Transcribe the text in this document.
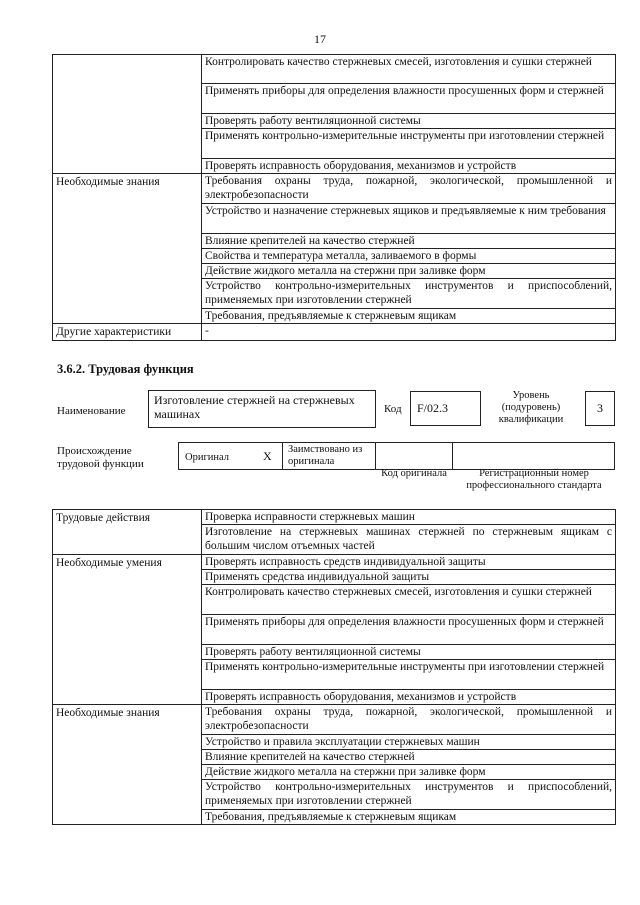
17
	Контролировать качество стержневых смесей, изготовления и сушки стержней
	Применять приборы для определения влажности просушенных форм и стержней
	Проверять работу вентиляционной системы
	Применять контрольно-измерительные инструменты при изготовлении стержней
	Проверять исправность оборудования, механизмов и устройств
Необходимые знания	Требования охраны труда, пожарной, экологической, промышленной и электробезопасности
	Устройство и назначение стержневых ящиков и предъявляемые к ним требования
	Влияние крепителей на качество стержней
	Свойства и температура металла, заливаемого в формы
	Действие жидкого металла на стержни при заливке форм
	Устройство контрольно-измерительных инструментов и приспособлений, применяемых при изготовлении стержней
	Требования, предъявляемые к стержневым ящикам
Другие характеристики	-
3.6.2. Трудовая функция
Наименование
Изготовление стержней на стержневых машинах	Код	F/02.3
Уровень (подуровень) квалификации
3
Происхождение трудовой функции
Оригинал	X	Заимствовано из оригинала
Код оригинала	Регистрационный номер профессионального стандарта
Трудовые действия	Проверка исправности стержневых машин
	Изготовление на стержневых машинах стержней по стержневым ящикам с большим числом отъемных частей
Необходимые умения	Проверять исправность средств индивидуальной защиты
	Применять средства индивидуальной защиты
	Контролировать качество стержневых смесей, изготовления и сушки стержней
	Применять приборы для определения влажности просушенных форм и стержней
	Проверять работу вентиляционной системы
	Применять контрольно-измерительные инструменты при изготовлении стержней
	Проверять исправность оборудования, механизмов и устройств
Необходимые знания	Требования охраны труда, пожарной, экологической, промышленной и электробезопасности
	Устройство и правила эксплуатации стержневых машин
	Влияние крепителей на качество стержней
	Действие жидкого металла на стержни при заливке форм
	Устройство контрольно-измерительных инструментов и приспособлений, применяемых при изготовлении стержней
	Требования, предъявляемые к стержневым ящикам
